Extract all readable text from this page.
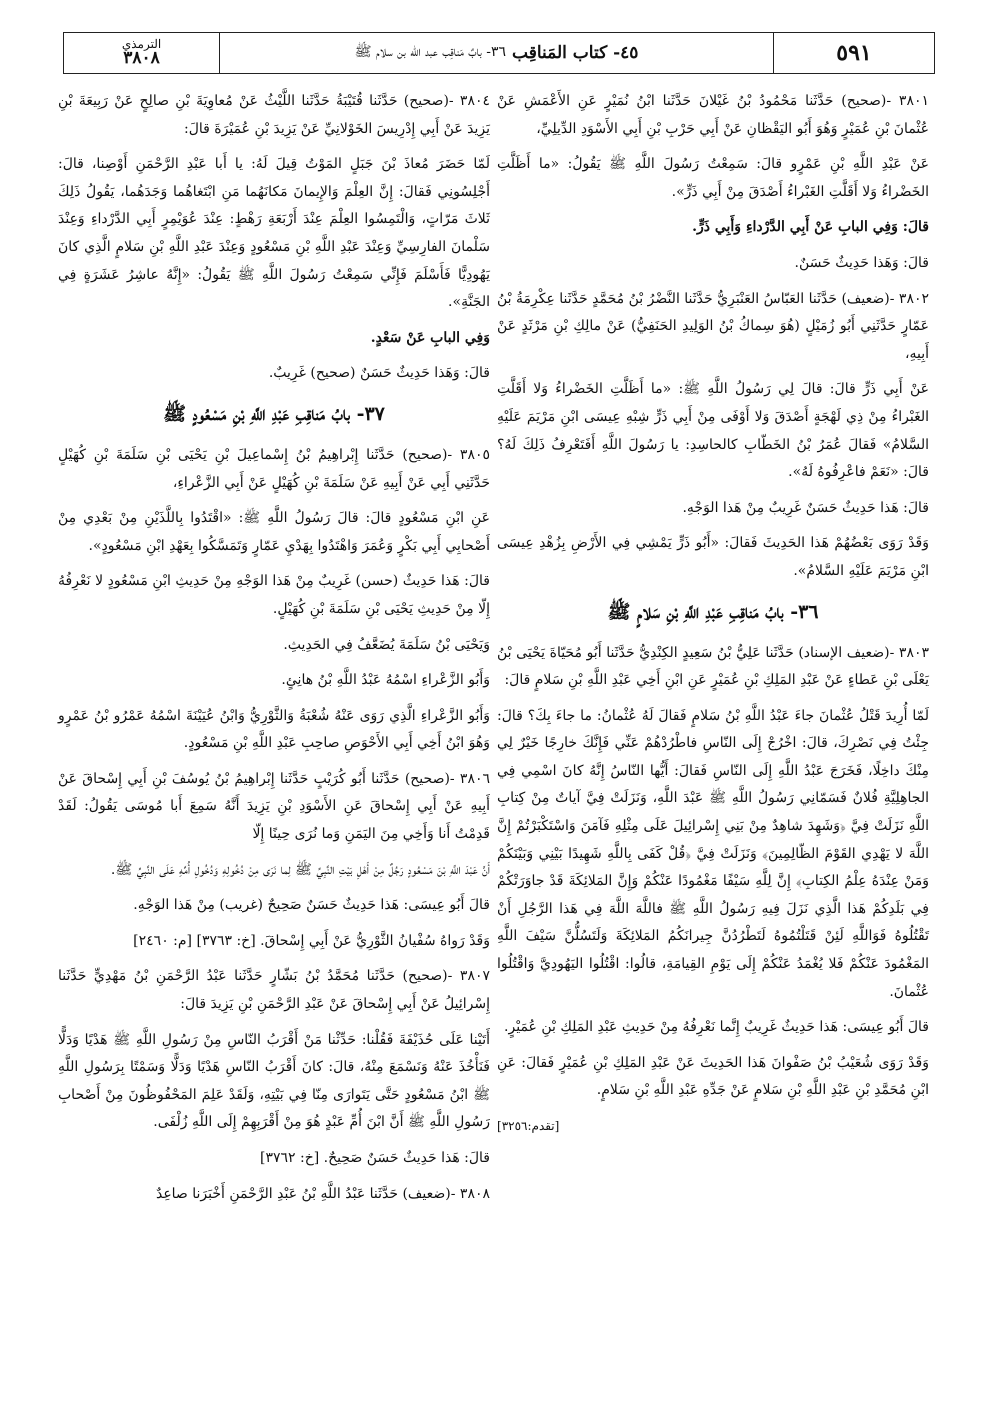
الترمذي
٣٨٠٨	٤٥- كتاب المَناقِب
٣٦- بابٌ مَناقِب عبد الله بن سلام ﷺ	٥٩١

٣٨٠١ -(صحيح) حَدَّثَنا مَحْمُودُ بْنُ غَيْلانَ حَدَّثَنا ابْنُ نُمَيْرٍ عَنِ الأَعْمَشِ عَنْ عُثْمانَ بْنِ عُمَيْرٍ وَهُوَ أَبُو اليَقْظانِ عَنْ أَبِي حَرْبِ بْنِ أَبِي الأَسْوَدِ الدِّيلِيِّ،

عَنْ عَبْدِ اللَّهِ بْنِ عَمْرٍو قالَ: سَمِعْتُ رَسُولَ اللَّهِ ﷺ يَقُولُ: «ما أَظَلَّتِ الخَضْراءُ وَلا أَقَلَّتِ الغَبْراءُ أَصْدَقَ مِنْ أَبِي ذَرٍّ».

قالَ: وَفِي البابِ عَنْ أَبِي الدَّرْداءِ وَأَبِي ذَرٍّ.

قالَ: وَهَذا حَدِيثٌ حَسَنٌ.

٣٨٠٢ -(ضعيف) حَدَّثَنا العَبّاسُ العَنْبَرِيُّ حَدَّثَنا النَّضْرُ بْنُ مُحَمَّدٍ حَدَّثَنا عِكْرِمَةُ بْنُ عَمّارٍ حَدَّثَنِي أَبُو زُمَيْلٍ (هُوَ سِماكُ بْنُ الوَلِيدِ الحَنَفِيُّ) عَنْ مالِكِ بْنِ مَرْثَدٍ عَنْ أَبِيهِ،

عَنْ أَبِي ذَرٍّ قالَ: قالَ لِي رَسُولُ اللَّهِ ﷺ: «ما أَظَلَّتِ الخَضْراءُ وَلا أَقَلَّتِ الغَبْراءُ مِنْ ذِي لَهْجَةٍ أَصْدَقَ وَلا أَوْفَى مِنْ أَبِي ذَرٍّ شِبْهِ عِيسَى ابْنِ مَرْيَمَ عَلَيْهِ السَّلامُ» فَقالَ عُمَرُ بْنُ الخَطّابِ كالحاسِدِ: يا رَسُولَ اللَّهِ أَفَتَعْرِفُ ذَلِكَ لَهُ؟ قالَ: «نَعَمْ فاعْرِفُوهُ لَهُ».

قالَ: هَذا حَدِيثٌ حَسَنٌ غَرِيبٌ مِنْ هَذا الوَجْهِ.

وَقَدْ رَوَى بَعْضُهُمْ هَذا الحَدِيثَ فَقالَ: «أَبُو ذَرٍّ يَمْشِي فِي الأَرْضِ بِزُهْدِ عِيسَى ابْنِ مَرْيَمَ عَلَيْهِ السَّلامُ».

٣٦- بابُ مَناقِبِ عَبْدِ اللَّهِ بْنِ سَلامٍ ﷺ

٣٨٠٣ -(ضعيف الإسناد) حَدَّثَنا عَلِيُّ بْنُ سَعِيدٍ الكِنْدِيُّ حَدَّثَنا أَبُو مُحَيّاةَ يَحْيَى بْنُ يَعْلَى بْنِ عَطاءٍ عَنْ عَبْدِ المَلِكِ بْنِ عُمَيْرٍ عَنِ ابْنِ أَخِي عَبْدِ اللَّهِ بْنِ سَلامٍ قالَ:

لَمّا أُرِيدَ قَتْلُ عُثْمانَ جاءَ عَبْدُ اللَّهِ بْنُ سَلامٍ فَقالَ لَهُ عُثْمانُ: ما جاءَ بِكَ؟ قالَ: جِئْتُ فِي نَصْرِكَ، قالَ: اخْرُجْ إِلَى النّاسِ فاطْرُدْهُمْ عَنِّي فَإِنَّكَ خارِجًا خَيْرٌ لِي مِنْكَ داخِلًا، فَخَرَجَ عَبْدُ اللَّهِ إِلَى النّاسِ فَقالَ: أَيُّها النّاسُ إِنَّهُ كانَ اسْمِي فِي الجاهِلِيَّةِ فُلانٌ فَسَمّانِي رَسُولُ اللَّهِ ﷺ عَبْدَ اللَّهِ، وَنَزَلَتْ فِيَّ آياتٌ مِنْ كِتابِ اللَّهِ نَزَلَتْ فِيَّ ﴿وَشَهِدَ شاهِدٌ مِنْ بَنِي إِسْرائِيلَ عَلَى مِثْلِهِ فَآمَنَ وَاسْتَكْبَرْتُمْ إِنَّ اللَّهَ لا يَهْدِي القَوْمَ الظّالِمِينَ﴾ وَنَزَلَتْ فِيَّ ﴿قُلْ كَفَى بِاللَّهِ شَهِيدًا بَيْنِي وَبَيْنَكُمْ وَمَنْ عِنْدَهُ عِلْمُ الكِتابِ﴾ إِنَّ لِلَّهِ سَيْفًا مَغْمُودًا عَنْكُمْ وَإِنَّ المَلائِكَةَ قَدْ جاوَرَتْكُمْ فِي بَلَدِكُمْ هَذا الَّذِي نَزَلَ فِيهِ رَسُولُ اللَّهِ ﷺ فاللَّهَ اللَّهَ فِي هَذا الرَّجُلِ أَنْ تَقْتُلُوهُ فَوَاللَّهِ لَئِنْ قَتَلْتُمُوهُ لَتَطْرُدُنَّ جِيرانَكُمُ المَلائِكَةَ وَلَتَسُلُّنَّ سَيْفَ اللَّهِ المَغْمُودَ عَنْكُمْ فَلا يُغْمَدُ عَنْكُمْ إِلَى يَوْمِ القِيامَةِ، قالُوا: اقْتُلُوا اليَهُودِيَّ وَاقْتُلُوا عُثْمانَ.

قالَ أَبُو عِيسَى: هَذا حَدِيثٌ غَرِيبٌ إِنَّما نَعْرِفُهُ مِنْ حَدِيثِ عَبْدِ المَلِكِ بْنِ عُمَيْرٍ.

وَقَدْ رَوَى شُعَيْبُ بْنُ صَفْوانَ هَذا الحَدِيثَ عَنْ عَبْدِ المَلِكِ بْنِ عُمَيْرٍ فَقالَ: عَنِ ابْنِ مُحَمَّدِ بْنِ عَبْدِ اللَّهِ بْنِ سَلامٍ عَنْ جَدِّهِ عَبْدِ اللَّهِ بْنِ سَلامٍ.

[تقدم:٣٢٥٦]

٣٨٠٤ -(صحيح) حَدَّثَنا قُتَيْبَةُ حَدَّثَنا اللَّيْثُ عَنْ مُعاوِيَةَ بْنِ صالِحٍ عَنْ رَبِيعَةَ بْنِ يَزِيدَ عَنْ أَبِي إِدْرِيسَ الخَوْلانِيِّ عَنْ يَزِيدَ بْنِ عُمَيْرَةَ قالَ:

لَمّا حَضَرَ مُعاذَ بْنَ جَبَلٍ المَوْتُ قِيلَ لَهُ: يا أَبا عَبْدِ الرَّحْمَنِ أَوْصِنا، قالَ: أَجْلِسُونِي فَقالَ: إِنَّ العِلْمَ وَالإِيمانَ مَكانَهُما مَنِ ابْتَغاهُما وَجَدَهُما، يَقُولُ ذَلِكَ ثَلاثَ مَرّاتٍ، وَالْتَمِسُوا العِلْمَ عِنْدَ أَرْبَعَةِ رَهْطٍ: عِنْدَ عُوَيْمِرٍ أَبِي الدَّرْداءِ وَعِنْدَ سَلْمانَ الفارِسِيِّ وَعِنْدَ عَبْدِ اللَّهِ بْنِ مَسْعُودٍ وَعِنْدَ عَبْدِ اللَّهِ بْنِ سَلامٍ الَّذِي كانَ يَهُودِيًّا فَأَسْلَمَ فَإِنِّي سَمِعْتُ رَسُولَ اللَّهِ ﷺ يَقُولُ: «إِنَّهُ عاشِرُ عَشَرَةٍ فِي الجَنَّةِ».

وَفِي البابِ عَنْ سَعْدٍ.

قالَ: وَهَذا حَدِيثٌ حَسَنٌ (صحيح) غَرِيبٌ.

٣٧- بابُ مَناقِبِ عَبْدِ اللَّهِ بْنِ مَسْعُودٍ ﷺ

٣٨٠٥ -(صحيح) حَدَّثَنا إِبْراهِيمُ بْنُ إِسْماعِيلَ بْنِ يَحْيَى بْنِ سَلَمَةَ بْنِ كُهَيْلٍ حَدَّثَنِي أَبِي عَنْ أَبِيهِ عَنْ سَلَمَةَ بْنِ كُهَيْلٍ عَنْ أَبِي الزَّعْراءِ،

عَنِ ابْنِ مَسْعُودٍ قالَ: قالَ رَسُولُ اللَّهِ ﷺ: «اقْتَدُوا بِاللَّذَيْنِ مِنْ بَعْدِي مِنْ أَصْحابِي أَبِي بَكْرٍ وَعُمَرَ وَاهْتَدُوا بِهَدْيِ عَمّارٍ وَتَمَسَّكُوا بِعَهْدِ ابْنِ مَسْعُودٍ».

قالَ: هَذا حَدِيثٌ (حسن) غَرِيبٌ مِنْ هَذا الوَجْهِ مِنْ حَدِيثِ ابْنِ مَسْعُودٍ لا نَعْرِفُهُ إِلّا مِنْ حَدِيثِ يَحْيَى بْنِ سَلَمَةَ بْنِ كُهَيْلٍ.

وَيَحْيَى بْنُ سَلَمَةَ يُضَعَّفُ فِي الحَدِيثِ.

وَأَبُو الزَّعْراءِ اسْمُهُ عَبْدُ اللَّهِ بْنُ هانِئٍ.

وَأَبُو الزَّعْراءِ الَّذِي رَوَى عَنْهُ شُعْبَةُ وَالثَّوْرِيُّ وَابْنُ عُيَيْنَةَ اسْمُهُ عَمْرُو بْنُ عَمْرٍو وَهُوَ ابْنُ أَخِي أَبِي الأَحْوَصِ صاحِبِ عَبْدِ اللَّهِ بْنِ مَسْعُودٍ.

٣٨٠٦ -(صحيح) حَدَّثَنا أَبُو كُرَيْبٍ حَدَّثَنا إِبْراهِيمُ بْنُ يُوسُفَ بْنِ أَبِي إِسْحاقَ عَنْ أَبِيهِ عَنْ أَبِي إِسْحاقَ عَنِ الأَسْوَدِ بْنِ يَزِيدَ أَنَّهُ سَمِعَ أَبا مُوسَى يَقُولُ: لَقَدْ قَدِمْتُ أَنا وَأَخِي مِنَ اليَمَنِ وَما نُرَى حِينًا إِلّا

أَنَّ عَبْدَ اللَّهِ بْنَ مَسْعُودٍ رَجُلٌ مِنْ أَهْلِ بَيْتِ النَّبِيِّ ﷺ لِما نَرَى مِنْ دُخُولِهِ وَدُخُولِ أُمِّهِ عَلَى النَّبِيِّ ﷺ.

قالَ أَبُو عِيسَى: هَذا حَدِيثٌ حَسَنٌ صَحِيحٌ (غريب) مِنْ هَذا الوَجْهِ.

وَقَدْ رَواهُ سُفْيانُ الثَّوْرِيُّ عَنْ أَبِي إِسْحاقَ. [خ: ٣٧٦٣] [م: ٢٤٦٠]

٣٨٠٧ -(صحيح) حَدَّثَنا مُحَمَّدُ بْنُ بَشّارٍ حَدَّثَنا عَبْدُ الرَّحْمَنِ بْنُ مَهْدِيٍّ حَدَّثَنا إِسْرائِيلُ عَنْ أَبِي إِسْحاقَ عَنْ عَبْدِ الرَّحْمَنِ بْنِ يَزِيدَ قالَ:

أَتَيْنا عَلَى حُذَيْفَةَ فَقُلْنا: حَدِّثْنا مَنْ أَقْرَبُ النّاسِ مِنْ رَسُولِ اللَّهِ ﷺ هَدْيًا وَدَلًّا فَنَأْخُذَ عَنْهُ وَنَسْمَعَ مِنْهُ، قالَ: كانَ أَقْرَبُ النّاسِ هَدْيًا وَدَلًّا وَسَمْتًا بِرَسُولِ اللَّهِ ﷺ ابْنُ مَسْعُودٍ حَتَّى يَتَوارَى مِنّا فِي بَيْتِهِ، وَلَقَدْ عَلِمَ المَحْفُوظُونَ مِنْ أَصْحابِ رَسُولِ اللَّهِ ﷺ أَنَّ ابْنَ أُمِّ عَبْدٍ هُوَ مِنْ أَقْرَبِهِمْ إِلَى اللَّهِ زُلْفَى.

قالَ: هَذا حَدِيثٌ حَسَنٌ صَحِيحٌ. [خ: ٣٧٦٢]

٣٨٠٨ -(ضعيف) حَدَّثَنا عَبْدُ اللَّهِ بْنُ عَبْدِ الرَّحْمَنِ أَخْبَرَنا صاعِدٌ
